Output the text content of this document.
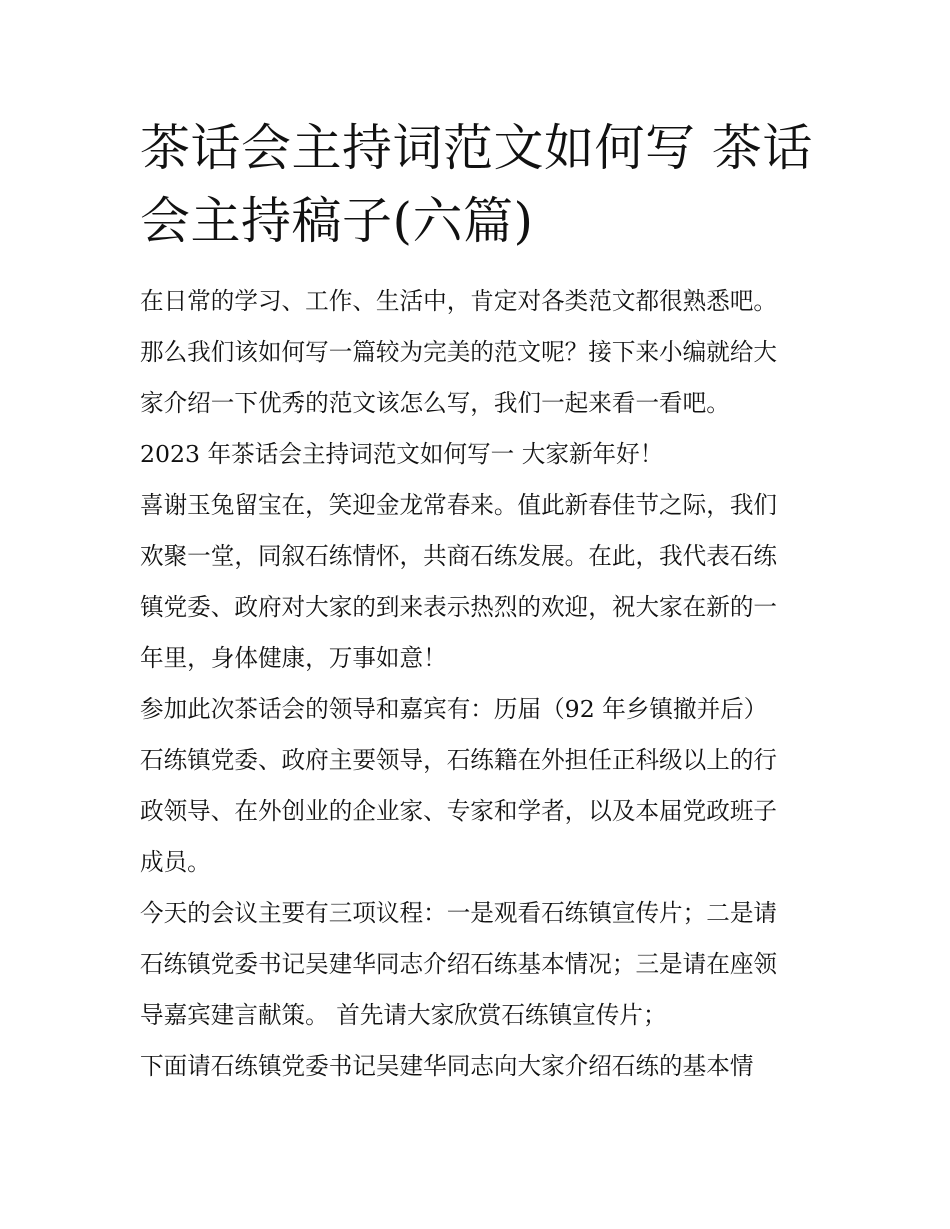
茶话会主持词范文如何写 茶话
会主持稿子(六篇)

在日常的学习、工作、生活中，肯定对各类范文都很熟悉吧。
那么我们该如何写一篇较为完美的范文呢？接下来小编就给大
家介绍一下优秀的范文该怎么写，我们一起来看一看吧。

2023 年茶话会主持词范文如何写一 大家新年好！

喜谢玉兔留宝在，笑迎金龙常春来。值此新春佳节之际，我们
欢聚一堂，同叙石练情怀，共商石练发展。在此，我代表石练
镇党委、政府对大家的到来表示热烈的欢迎，祝大家在新的一
年里，身体健康，万事如意！

参加此次茶话会的领导和嘉宾有：历届（92 年乡镇撤并后）

石练镇党委、政府主要领导，石练籍在外担任正科级以上的行
政领导、在外创业的企业家、专家和学者，以及本届党政班子
成员。

今天的会议主要有三项议程：一是观看石练镇宣传片；二是请
石练镇党委书记吴建华同志介绍石练基本情况；三是请在座领
导嘉宾建言献策。 首先请大家欣赏石练镇宣传片；

下面请石练镇党委书记吴建华同志向大家介绍石练的基本情
